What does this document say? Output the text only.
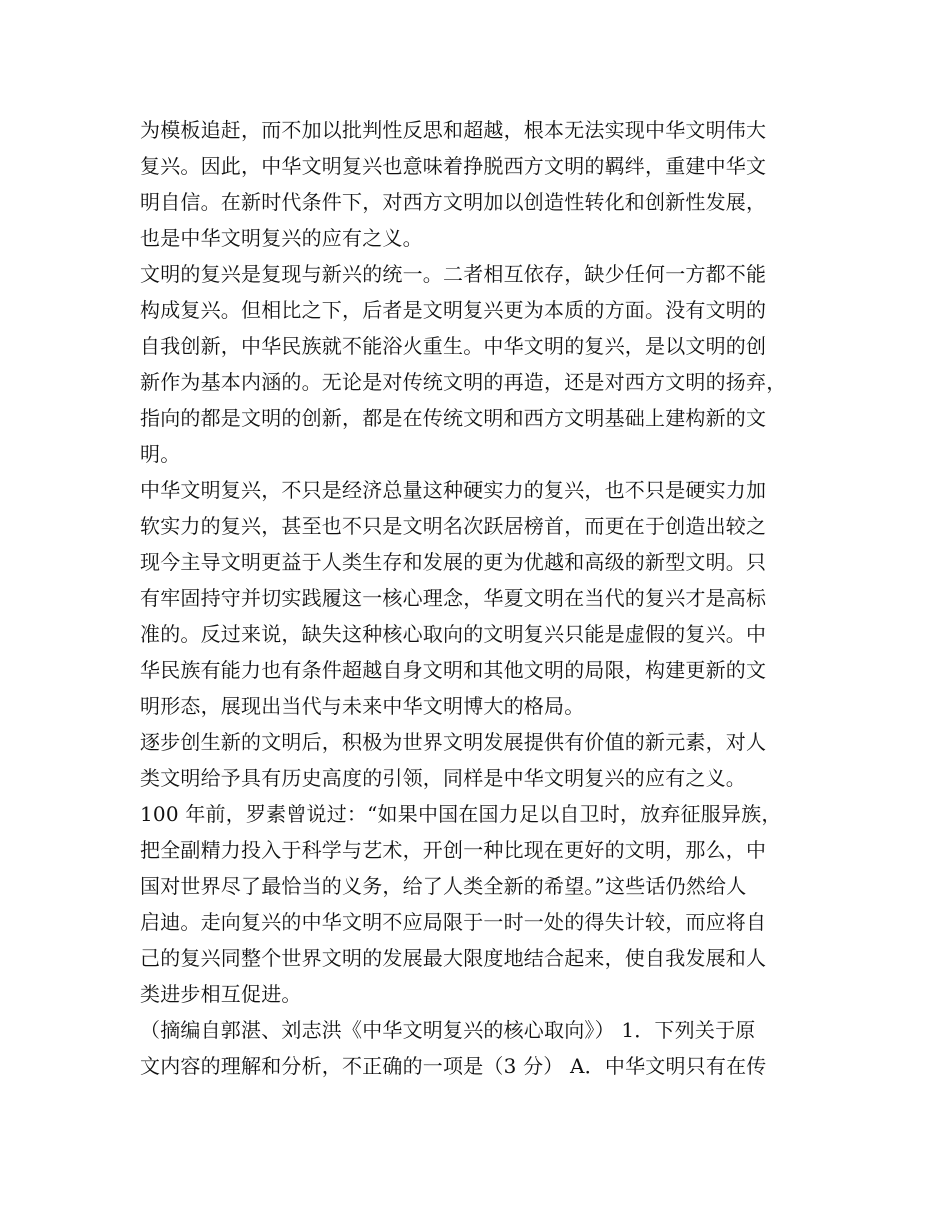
为模板追赶，而不加以批判性反思和超越，根本无法实现中华文明伟大
复兴。因此，中华文明复兴也意味着挣脱西方文明的羁绊，重建中华文
明自信。在新时代条件下，对西方文明加以创造性转化和创新性发展，
也是中华文明复兴的应有之义。
文明的复兴是复现与新兴的统一。二者相互依存，缺少任何一方都不能
构成复兴。但相比之下，后者是文明复兴更为本质的方面。没有文明的
自我创新，中华民族就不能浴火重生。中华文明的复兴，是以文明的创
新作为基本内涵的。无论是对传统文明的再造，还是对西方文明的扬弃，
指向的都是文明的创新，都是在传统文明和西方文明基础上建构新的文
明。
中华文明复兴，不只是经济总量这种硬实力的复兴，也不只是硬实力加
软实力的复兴，甚至也不只是文明名次跃居榜首，而更在于创造出较之
现今主导文明更益于人类生存和发展的更为优越和高级的新型文明。只
有牢固持守并切实践履这一核心理念，华夏文明在当代的复兴才是高标
准的。反过来说，缺失这种核心取向的文明复兴只能是虚假的复兴。中
华民族有能力也有条件超越自身文明和其他文明的局限，构建更新的文
明形态，展现出当代与未来中华文明博大的格局。
逐步创生新的文明后，积极为世界文明发展提供有价值的新元素，对人
类文明给予具有历史高度的引领，同样是中华文明复兴的应有之义。
100 年前，罗素曾说过：“如果中国在国力足以自卫时，放弃征服异族，
把全副精力投入于科学与艺术，开创一种比现在更好的文明，那么，中
国对世界尽了最恰当的义务，给了人类全新的希望。”这些话仍然给人
启迪。走向复兴的中华文明不应局限于一时一处的得失计较，而应将自
己的复兴同整个世界文明的发展最大限度地结合起来，使自我发展和人
类进步相互促进。
（摘编自郭湛、刘志洪《中华文明复兴的核心取向》） 1．下列关于原
文内容的理解和分析，不正确的一项是（3 分） A．中华文明只有在传
